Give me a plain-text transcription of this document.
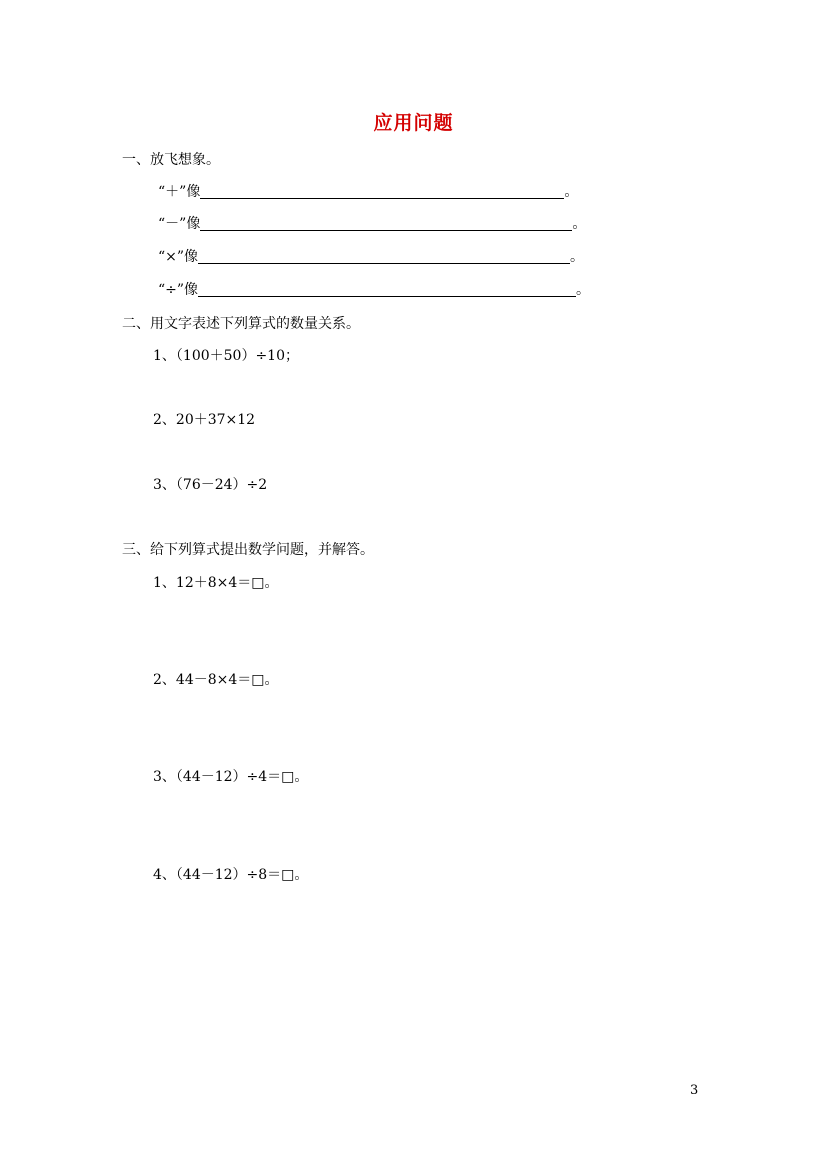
应用问题
一、放飞想象。
“＋”像	。
“－”像	。
“×”像	。
“÷”像	。
二、用文字表述下列算式的数量关系。
1、（100＋50）÷10；
2、20＋37×12
3、（76－24）÷2
三、给下列算式提出数学问题，并解答。
1、12＋8×4＝□。
2、44－8×4＝□。
3、（44－12）÷4＝□。
4、（44－12）÷8＝□。
3
